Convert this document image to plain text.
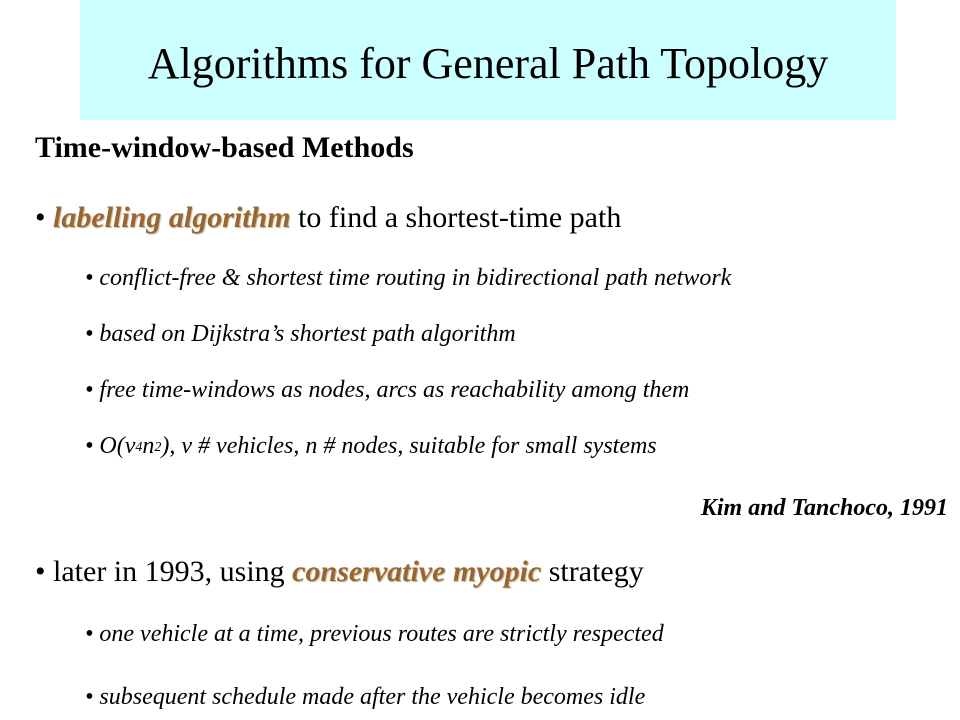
Algorithms for General Path Topology
Time-window-based Methods
• labelling algorithm to find a shortest-time path
• conflict-free & shortest time routing in bidirectional path network
• based on Dijkstra’s shortest path algorithm
• free time-windows as nodes, arcs as reachability among them
• $O(v^4n^2)$, v # vehicles, n # nodes, suitable for small systems
Kim and Tanchoco, 1991
• later in 1993, using conservative myopic strategy
• one vehicle at a time, previous routes are strictly respected
• subsequent schedule made after the vehicle becomes idle
